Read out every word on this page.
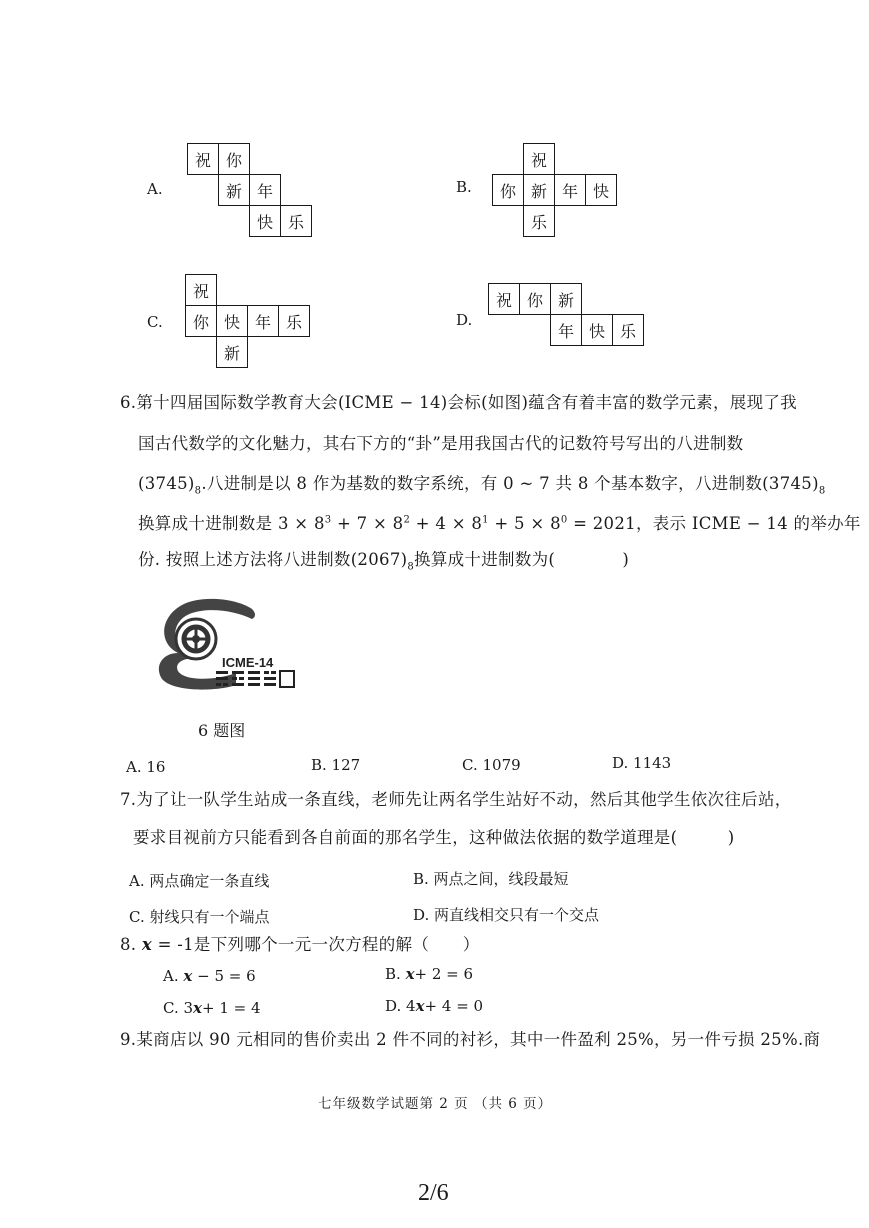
A.
祝 你
新 年
快 乐
B.
祝
你 新 年 快
乐
C.
祝
你 快 年 乐
新
D.
祝 你 新
年 快 乐
6.第十四届国际数学教育大会(ICME − 14)会标(如图)蕴含有着丰富的数学元素，展现了我
国古代数学的文化魅力，其右下方的“卦”是用我国古代的记数符号写出的八进制数
$(3745)_8$.八进制是以 8 作为基数的数字系统，有 0 ~ 7 共 8 个基本数字，八进制数$(3745)_8$
换算成十进制数是 $3 \times 8^3 + 7 \times 8^2 + 4 \times 8^1 + 5 \times 8^0 = 2021$，表示 ICME − 14 的举办年
份. 按照上述方法将八进制数$(2067)_8$换算成十进制数为(　　　　)
ICME-14
6 题图
A. 16	B. 127	C. 1079	D. 1143
7.为了让一队学生站成一条直线，老师先让两名学生站好不动，然后其他学生依次往后站，
要求目视前方只能看到各自前面的那名学生，这种做法依据的数学道理是(　　　)
A. 两点确定一条直线	B. 两点之间，线段最短
C. 射线只有一个端点	D. 两直线相交只有一个交点
8. x = -1是下列哪个一元一次方程的解（　　）
A. x − 5 = 6	B. x+ 2 = 6
C. 3x+ 1 = 4	D. 4x+ 4 = 0
9.某商店以 90 元相同的售价卖出 2 件不同的衬衫，其中一件盈利 25%，另一件亏损 25%.商
七年级数学试题第 2 页 （共 6 页）
2/6
